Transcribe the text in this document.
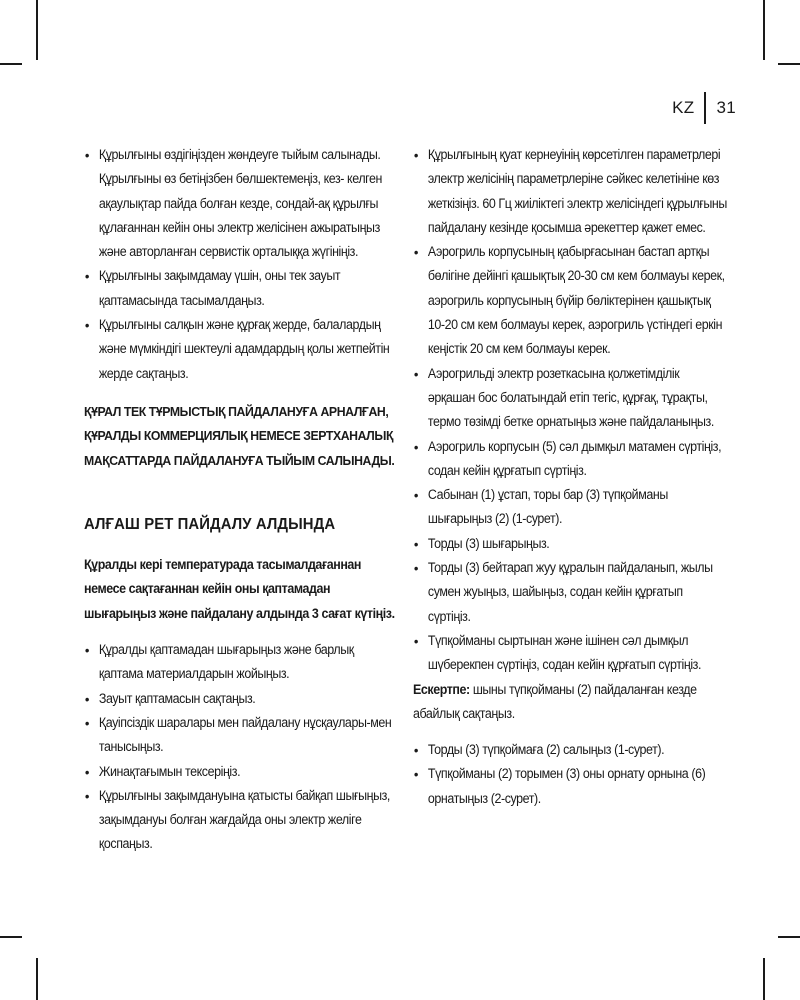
KZ 31
• Құрылғыны өздігіңізден жөндеуге тыйым салынады. Құрылғыны өз бетіңізбен бөлшектемеңіз, кез- келген ақаулықтар пайда болған кезде, сондай-ақ құрылғы құлағаннан кейін оны электр желісінен ажыратыңыз және авторланған сервистік орталыққа жүгініңіз.
• Құрылғыны зақымдамау үшін, оны тек зауыт қаптамасында тасымалдаңыз.
• Құрылғыны салқын және құрғақ жерде, балалардың және мүмкіндігі шектеулі адамдардың қолы жетпейтін жерде сақтаңыз.
ҚҰРАЛ ТЕК ТҰРМЫСТЫҚ ПАЙДАЛАНУҒА АРНАЛҒАН, ҚҰРАЛДЫ КОММЕРЦИЯЛЫҚ НЕМЕСЕ ЗЕРТХАНАЛЫҚ МАҚСАТТАРДА ПАЙДАЛАНУҒА ТЫЙЫМ САЛЫНАДЫ.
АЛҒАШ РЕТ ПАЙДАЛУ АЛДЫНДА
Құралды кері температурада тасымалдағаннан немесе сақтағаннан кейін оны қаптамадан шығарыңыз және пайдалану алдында 3 сағат күтіңіз.
• Құралды қаптамадан шығарыңыз және барлық қаптама материалдарын жойыңыз.
• Зауыт қаптамасын сақтаңыз.
• Қауіпсіздік шаралары мен пайдалану нұсқаулары-мен танысыңыз.
• Жинақтағымын тексеріңіз.
• Құрылғыны зақымдануына қатысты байқап шығыңыз, зақымдануы болған жағдайда оны электр желіге қоспаңыз.
• Құрылғының қуат кернеуінің көрсетілген параметрлері электр желісінің параметрлеріне сәйкес келетініне көз жеткізіңіз. 60 Гц жиіліктегі электр желісіндегі құрылғыны пайдалану кезінде қосымша әрекеттер қажет емес.
• Аэрогриль корпусының қабырғасынан бастап артқы бөлігіне дейінгі қашықтық 20-30 см кем болмауы керек, аэрогриль корпусының бүйір бөліктерінен қашықтық 10-20 см кем болмауы керек, аэрогриль үстіндегі еркін кеңістік 20 см кем болмауы керек.
• Аэрогрильді электр розеткасына қолжетімділік әрқашан бос болатындай етіп тегіс, құрғақ, тұрақты, термо төзімді бетке орнатыңыз және пайдаланыңыз.
• Аэрогриль корпусын (5) сәл дымқыл матамен сүртіңіз, содан кейін құрғатып сүртіңіз.
• Сабынан (1) ұстап, торы бар (3) түпқойманы шығарыңыз (2) (1-сурет).
• Торды (3) шығарыңыз.
• Торды (3) бейтарап жуу құралын пайдаланып, жылы сумен жуыңыз, шайыңыз, содан кейін құрғатып сүртіңіз.
• Түпқойманы сыртынан және ішінен сәл дымқыл шүберекпен сүртіңіз, содан кейін құрғатып сүртіңіз.
Ескертпе: шыны түпқойманы (2) пайдаланған кезде абайлық сақтаңыз.
• Торды (3) түпқоймаға (2) салыңыз (1-сурет).
• Түпқойманы (2) торымен (3) оны орнату орнына (6) орнатыңыз (2-сурет).
